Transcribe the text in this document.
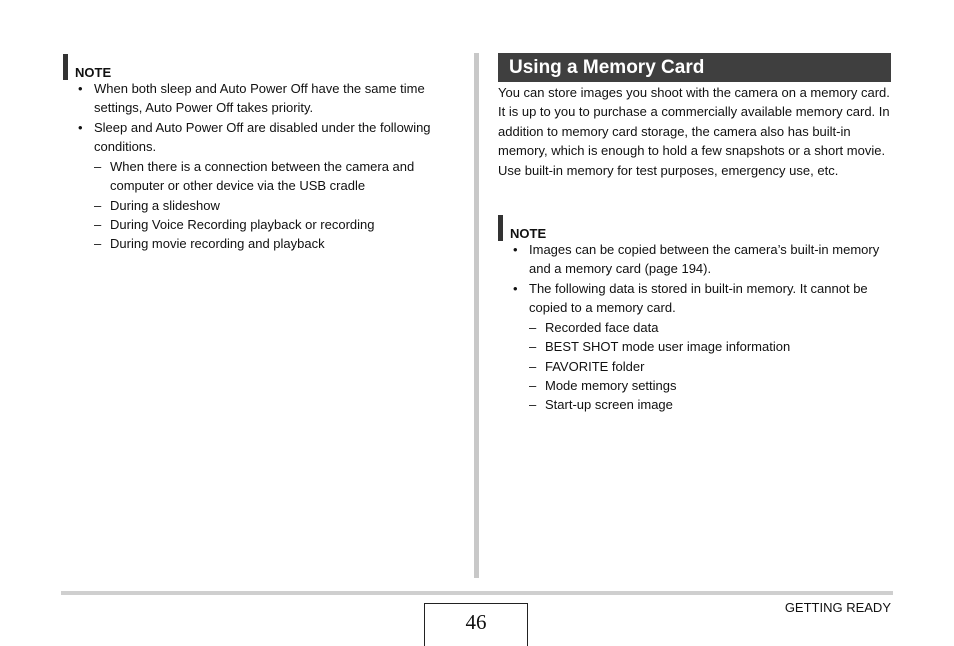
NOTE
• When both sleep and Auto Power Off have the same time settings, Auto Power Off takes priority.
• Sleep and Auto Power Off are disabled under the following conditions.
– When there is a connection between the camera and computer or other device via the USB cradle
– During a slideshow
– During Voice Recording playback or recording
– During movie recording and playback
Using a Memory Card
You can store images you shoot with the camera on a memory card. It is up to you to purchase a commercially available memory card. In addition to memory card storage, the camera also has built-in memory, which is enough to hold a few snapshots or a short movie. Use built-in memory for test purposes, emergency use, etc.
NOTE
• Images can be copied between the camera’s built-in memory and a memory card (page 194).
• The following data is stored in built-in memory. It cannot be copied to a memory card.
– Recorded face data
– BEST SHOT mode user image information
– FAVORITE folder
– Mode memory settings
– Start-up screen image
46
GETTING READY
